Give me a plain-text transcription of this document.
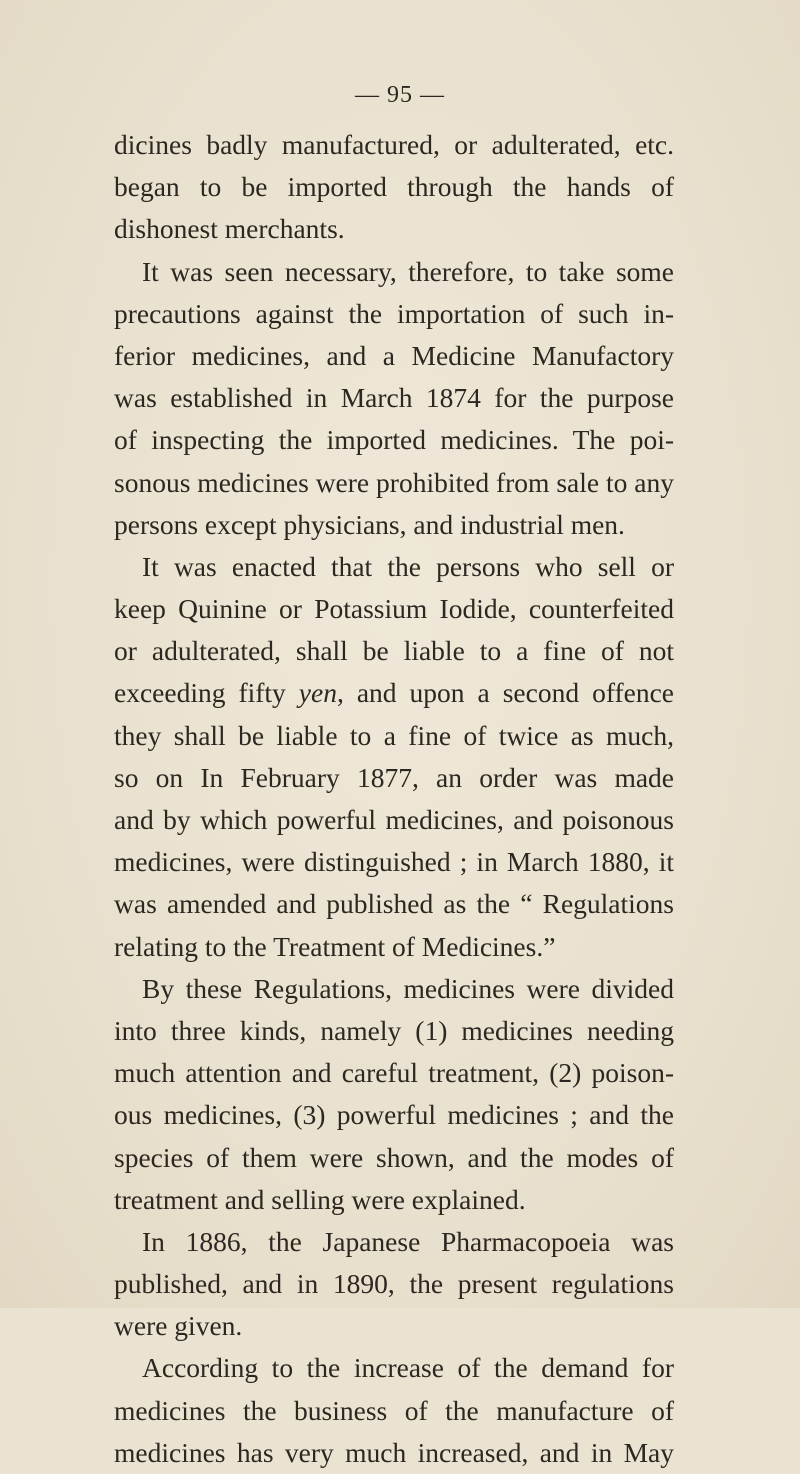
— 95 —
dicines badly manufactured, or adulterated, etc.
began to be imported through the hands of
dishonest merchants.
It was seen necessary, therefore, to take some
precautions against the importation of such in-
ferior medicines, and a Medicine Manufactory
was established in March 1874 for the purpose
of inspecting the imported medicines. The poi-
sonous medicines were prohibited from sale to any
persons except physicians, and industrial men.
It was enacted that the persons who sell or
keep Quinine or Potassium Iodide, counterfeited
or adulterated, shall be liable to a fine of not
exceeding fifty yen, and upon a second offence
they shall be liable to a fine of twice as much,
so on In February 1877, an order was made
and by which powerful medicines, and poisonous
medicines, were distinguished ; in March 1880, it
was amended and published as the “ Regulations
relating to the Treatment of Medicines.”
By these Regulations, medicines were divided
into three kinds, namely (1) medicines needing
much attention and careful treatment, (2) poison-
ous medicines, (3) powerful medicines ; and the
species of them were shown, and the modes of
treatment and selling were explained.
In 1886, the Japanese Pharmacopoeia was
published, and in 1890, the present regulations
were given.
According to the increase of the demand for
medicines the business of the manufacture of
medicines has very much increased, and in May
